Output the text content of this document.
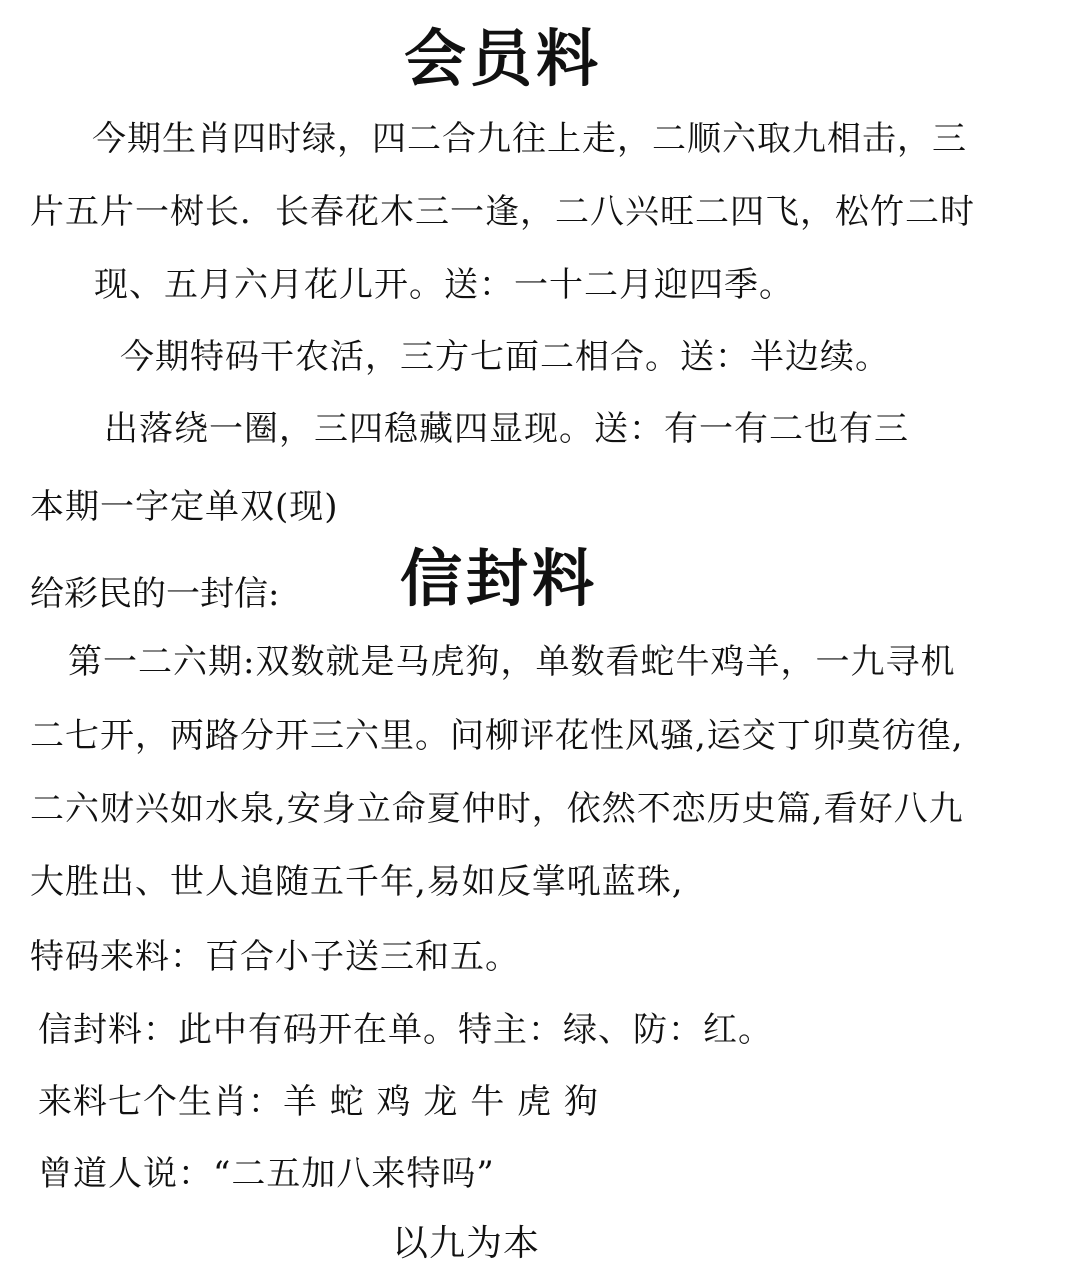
会员料
今期生肖四时绿，四二合九往上走，二顺六取九相击，三
片五片一树长．长春花木三一逢，二八兴旺二四飞，松竹二时
现、五月六月花儿开。送：一十二月迎四季。
今期特码干农活，三方七面二相合。送：半边续。
出落绕一圈，三四稳藏四显现。送：有一有二也有三
本期一字定单双(现)
给彩民的一封信: 信封料
第一二六期:双数就是马虎狗，单数看蛇牛鸡羊，一九寻机
二七开，两路分开三六里。问柳评花性风骚,运交丁卯莫彷徨,
二六财兴如水泉,安身立命夏仲时，依然不恋历史篇,看好八九
大胜出、世人追随五千年,易如反掌吼蓝珠,
特码来料：百合小子送三和五。
信封料：此中有码开在单。特主：绿、防：红。
来料七个生肖：羊 蛇 鸡 龙 牛 虎 狗
曾道人说：“二五加八来特吗”
以九为本
